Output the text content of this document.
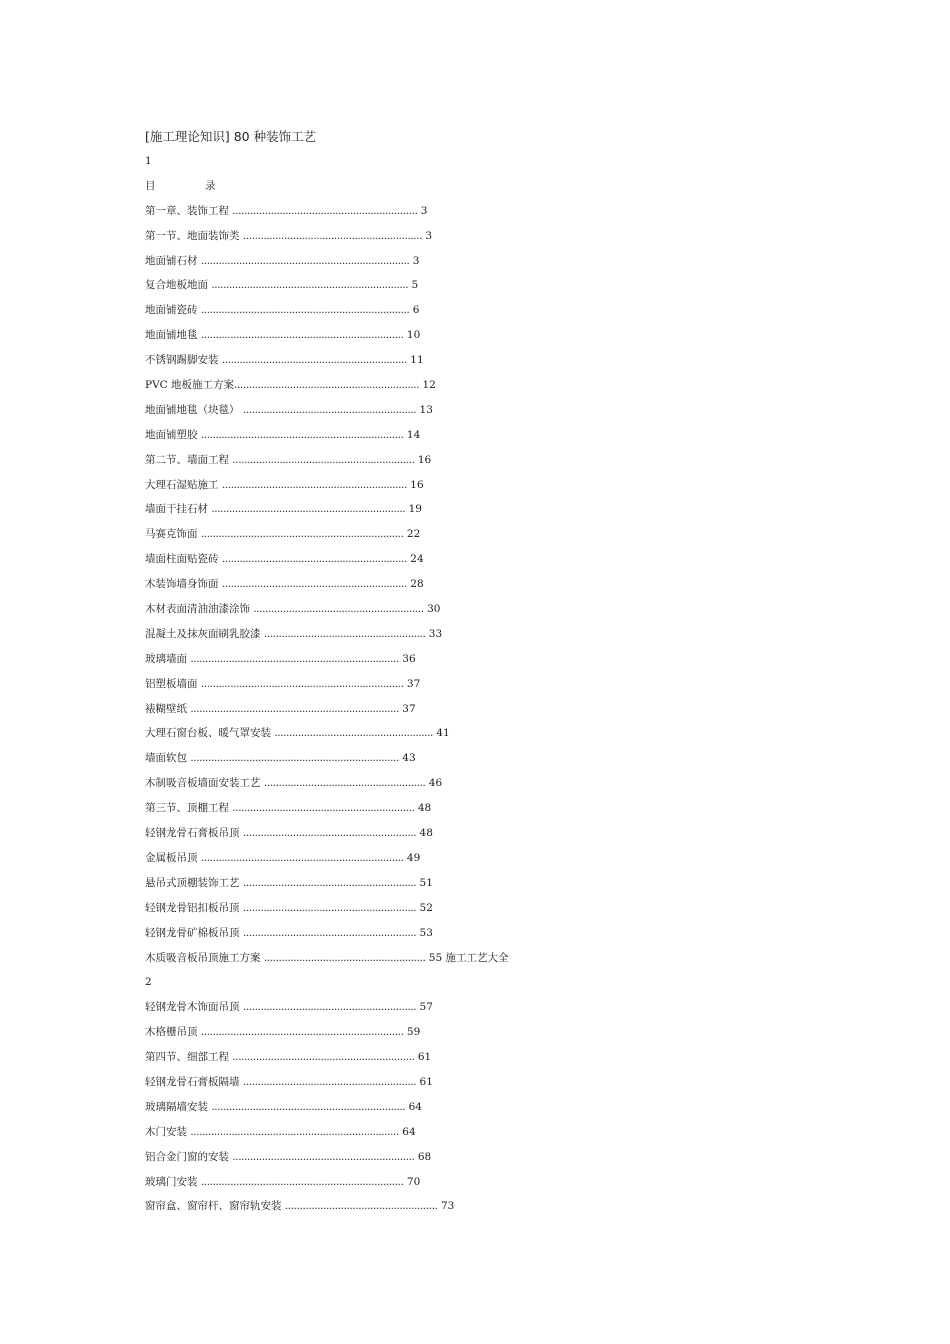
[施工理论知识] 80 种装饰工艺
1
目	录
第一章、装饰工程 ............................................................... 3
第一节、地面装饰类 ............................................................. 3
地面铺石材 ....................................................................... 3
复合地板地面 ................................................................... 5
地面铺瓷砖 ....................................................................... 6
地面铺地毯 ..................................................................... 10
不锈钢踢脚安装 ............................................................... 11
PVC 地板施工方案............................................................... 12
地面铺地毯（块毯） ........................................................... 13
地面铺塑胶 ..................................................................... 14
第二节、墙面工程 .............................................................. 16
大理石湿贴施工 ............................................................... 16
墙面干挂石材 .................................................................. 19
马赛克饰面 ..................................................................... 22
墙面柱面贴瓷砖 ............................................................... 24
木装饰墙身饰面 ............................................................... 28
木材表面清油油漆涂饰 .......................................................... 30
混凝土及抹灰面刷乳胶漆 ....................................................... 33
玻璃墙面 ....................................................................... 36
铝塑板墙面 ..................................................................... 37
裱糊壁纸 ....................................................................... 37
大理石窗台板、暖气罩安装 ...................................................... 41
墙面软包 ....................................................................... 43
木制吸音板墙面安装工艺 ....................................................... 46
第三节、顶棚工程 .............................................................. 48
轻钢龙骨石膏板吊顶 ........................................................... 48
金属板吊顶 ..................................................................... 49
悬吊式顶棚装饰工艺 ........................................................... 51
轻钢龙骨铝扣板吊顶 ........................................................... 52
轻钢龙骨矿棉板吊顶 ........................................................... 53
木质吸音板吊顶施工方案 ....................................................... 55 施工工艺大全
2
轻钢龙骨木饰面吊顶 ........................................................... 57
木格栅吊顶 ..................................................................... 59
第四节、细部工程 .............................................................. 61
轻钢龙骨石膏板隔墙 ........................................................... 61
玻璃隔墙安装 .................................................................. 64
木门安装 ....................................................................... 64
铝合金门窗的安装 .............................................................. 68
玻璃门安装 ..................................................................... 70
窗帘盒、窗帘杆、窗帘轨安装 .................................................... 73
